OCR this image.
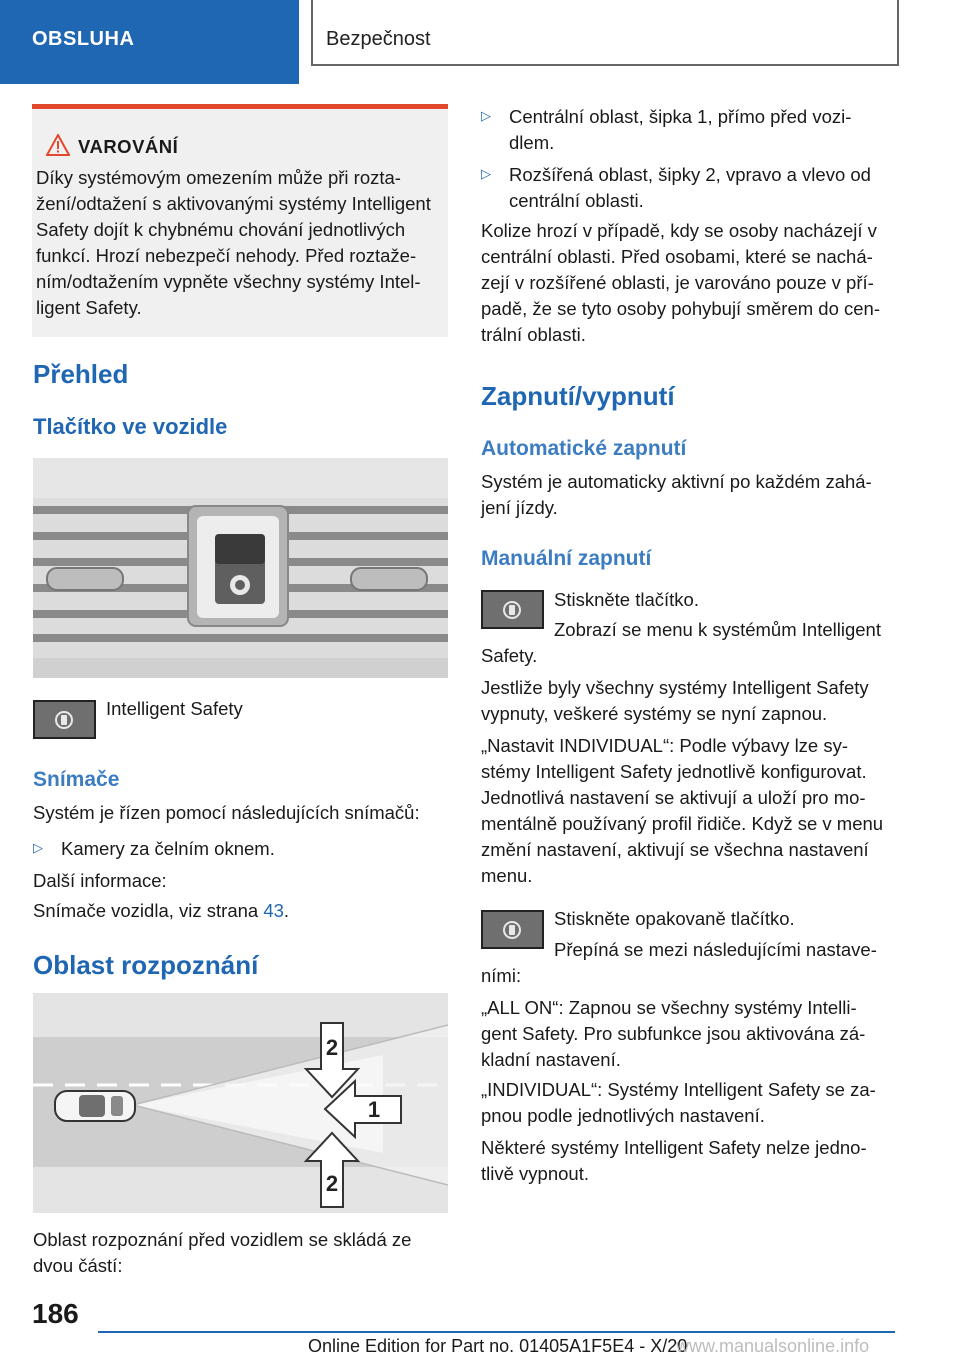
OBSLUHA	Bezpečnost
VAROVÁNÍ

Díky systémovým omezením může při rozta-

žení/odtažení s aktivovanými systémy Intelligent

Safety dojít k chybnému chování jednotlivých

funkcí. Hrozí nebezpečí nehody. Před roztaže-

ním/odtažením vypněte všechny systémy Intel-

ligent Safety.

Přehled
Tlačítko ve vozidle
Intelligent Safety
Snímače

Systém je řízen pomocí následujících snímačů:

▷ Kamery za čelním oknem.

Další informace:

Snímače vozidla, viz strana 43.

Oblast rozpoznání
2
1
2

Oblast rozpoznání před vozidlem se skládá ze

dvou částí:

▷ Centrální oblast, šipka 1, přímo před vozi-
dlem.
▷ Rozšířená oblast, šipky 2, vpravo a vlevo od
centrální oblasti.

Kolize hrozí v případě, kdy se osoby nacházejí v

centrální oblasti. Před osobami, které se nachá-

zejí v rozšířené oblasti, je varováno pouze v pří-

padě, že se tyto osoby pohybují směrem do cen-

trální oblasti.

Zapnutí/vypnutí
Automatické zapnutí

Systém je automaticky aktivní po každém zahá-

jení jízdy.

Manuální zapnutí

Stiskněte tlačítko.

Zobrazí se menu k systémům Intelligent

Safety.

Jestliže byly všechny systémy Intelligent Safety

vypnuty, veškeré systémy se nyní zapnou.

„Nastavit INDIVIDUAL“: Podle výbavy lze sy-

stémy Intelligent Safety jednotlivě konfigurovat.

Jednotlivá nastavení se aktivují a uloží pro mo-

mentálně používaný profil řidiče. Když se v menu

změní nastavení, aktivují se všechna nastavení

menu.

Stiskněte opakovaně tlačítko.

Přepíná se mezi následujícími nastave-

ními:

„ALL ON“: Zapnou se všechny systémy Intelli-

gent Safety. Pro subfunkce jsou aktivována zá-

kladní nastavení.

„INDIVIDUAL“: Systémy Intelligent Safety se za-

pnou podle jednotlivých nastavení.

Některé systémy Intelligent Safety nelze jedno-

tlivě vypnout.

186
Online Edition for Part no. 01405A1F5E4 - X/20
www.manualsonline.info
